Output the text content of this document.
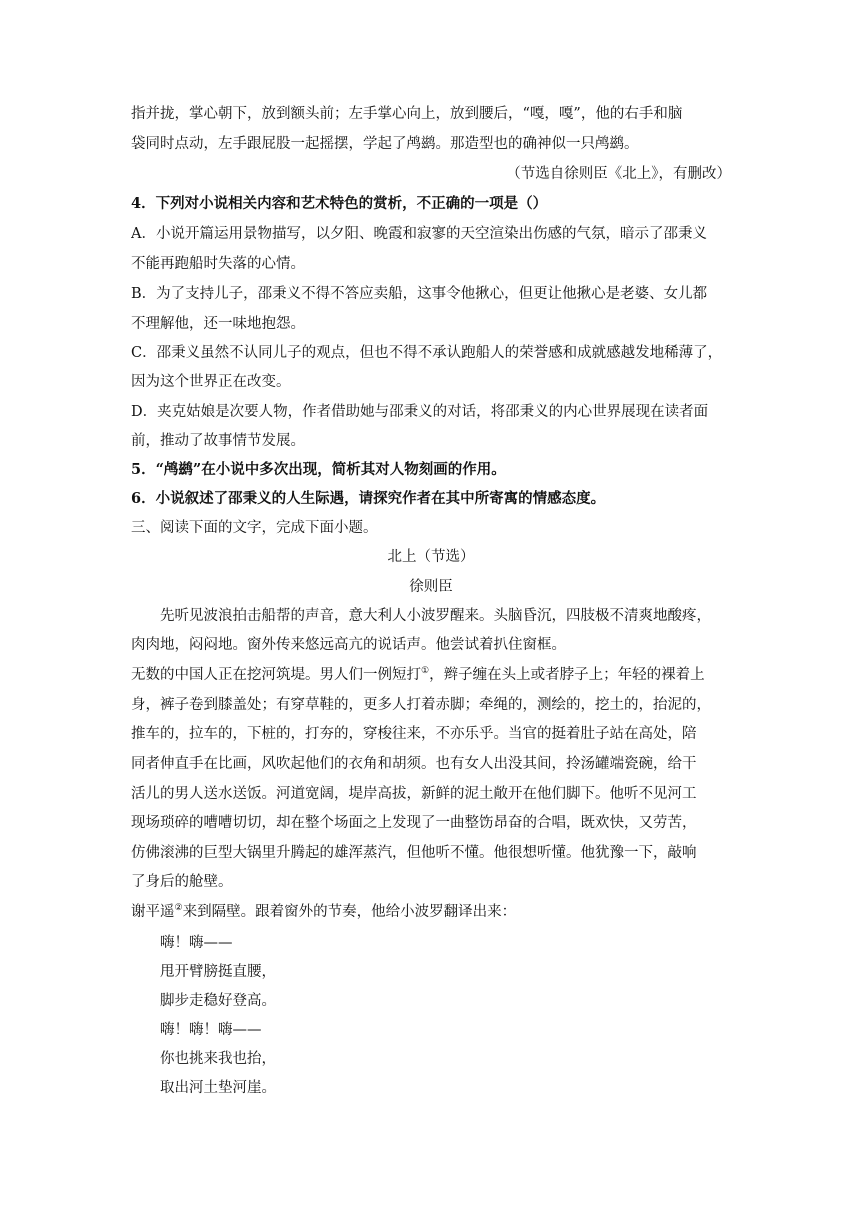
指并拢，掌心朝下，放到额头前；左手掌心向上，放到腰后，“嘎，嘎”，他的右手和脑
袋同时点动，左手跟屁股一起摇摆，学起了鸬鹚。那造型也的确神似一只鸬鹚。
（节选自徐则臣《北上》，有删改）
4．下列对小说相关内容和艺术特色的赏析，不正确的一项是（）
A．小说开篇运用景物描写，以夕阳、晚霞和寂寥的天空渲染出伤感的气氛，暗示了邵秉义
不能再跑船时失落的心情。
B．为了支持儿子，邵秉义不得不答应卖船，这事令他揪心，但更让他揪心是老婆、女儿都
不理解他，还一味地抱怨。
C．邵秉义虽然不认同儿子的观点，但也不得不承认跑船人的荣誉感和成就感越发地稀薄了，
因为这个世界正在改变。
D．夹克姑娘是次要人物，作者借助她与邵秉义的对话，将邵秉义的内心世界展现在读者面
前，推动了故事情节发展。
5．“鸬鹚”在小说中多次出现，简析其对人物刻画的作用。
6．小说叙述了邵秉义的人生际遇，请探究作者在其中所寄寓的情感态度。
三、阅读下面的文字，完成下面小题。
北上（节选）
徐则臣
先听见波浪拍击船帮的声音，意大利人小波罗醒来。头脑昏沉，四肢极不清爽地酸疼，
肉肉地，闷闷地。窗外传来悠远高亢的说话声。他尝试着扒住窗框。
无数的中国人正在挖河筑堤。男人们一例短打①，辫子缠在头上或者脖子上；年轻的裸着上
身，裤子卷到膝盖处；有穿草鞋的，更多人打着赤脚；牵绳的，测绘的，挖土的，抬泥的，
推车的，拉车的，下桩的，打夯的，穿梭往来，不亦乐乎。当官的挺着肚子站在高处，陪
同者伸直手在比画，风吹起他们的衣角和胡须。也有女人出没其间，拎汤罐端瓷碗，给干
活儿的男人送水送饭。河道宽阔，堤岸高拔，新鲜的泥土敞开在他们脚下。他听不见河工
现场琐碎的嘈嘈切切，却在整个场面之上发现了一曲整饬昂奋的合唱，既欢快，又劳苦，
仿佛滚沸的巨型大锅里升腾起的雄浑蒸汽，但他听不懂。他很想听懂。他犹豫一下，敲响
了身后的舱壁。
谢平遥②来到隔壁。跟着窗外的节奏，他给小波罗翻译出来：
嗨！嗨——
甩开臂膀挺直腰，
脚步走稳好登高。
嗨！嗨！嗨——
你也挑来我也抬，
取出河土垫河崖。
